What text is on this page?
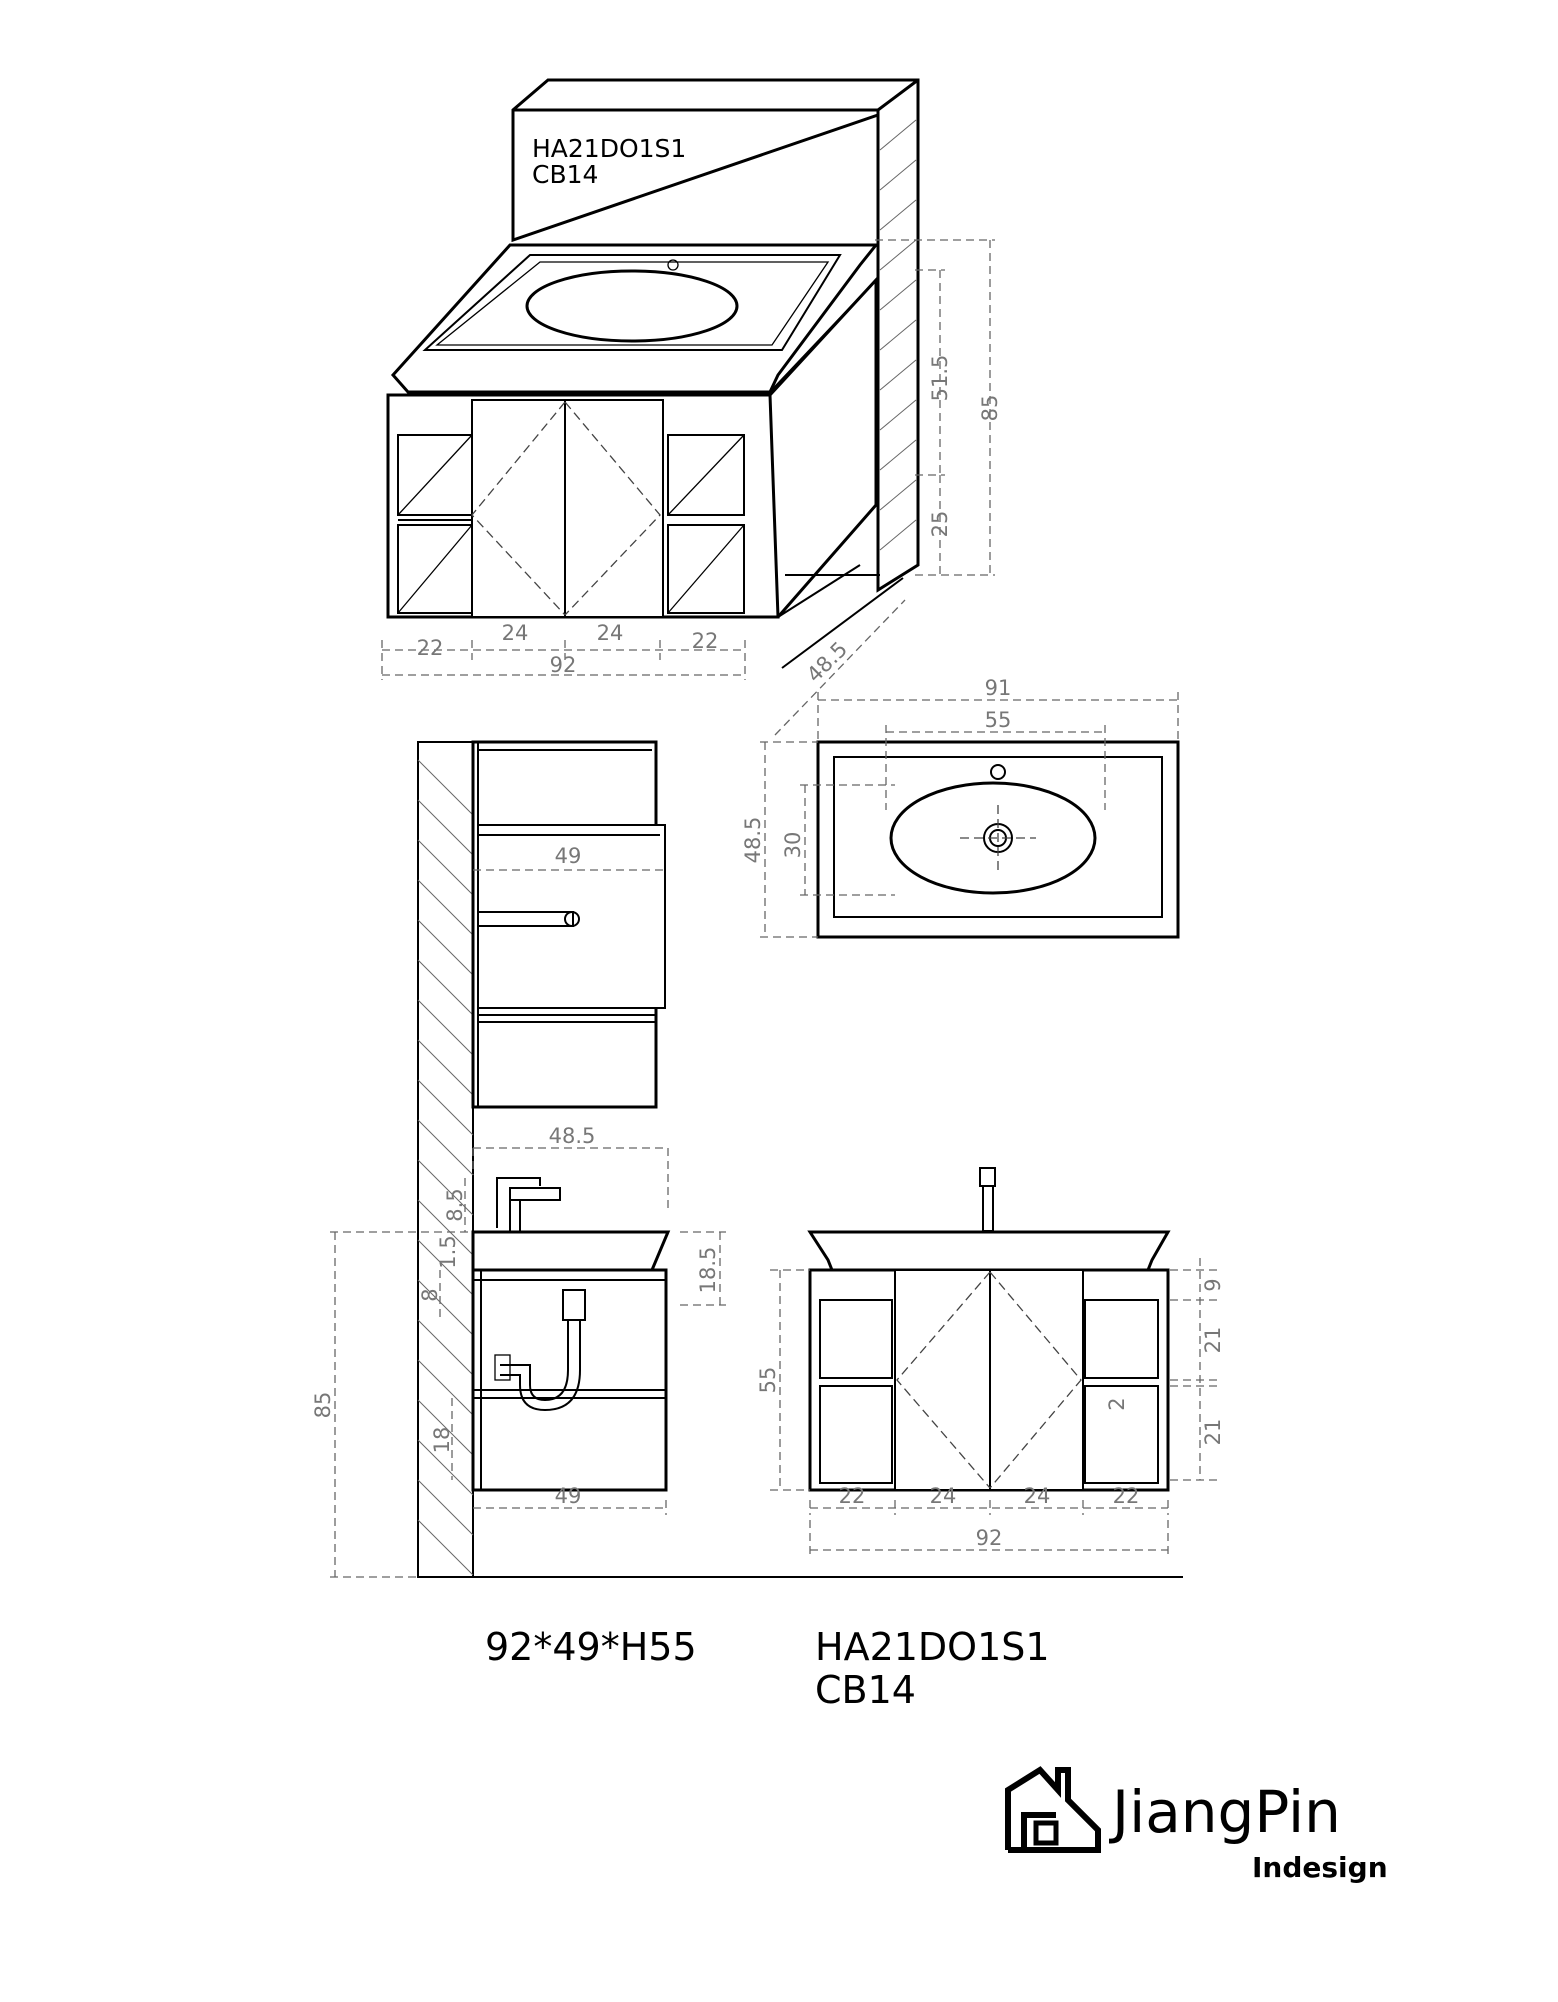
HA21DO1S1
CB14
51.5
25
85
48.5
22
24	24	22
92
91
55
48.5 30
49
48.5
8.5
1.5	18.5
8
85
18
49
9
21
2
21
55
22	24	24	22
92
92*49*H55	HA21DO1S1
CB14
JiangPin
Indesign
